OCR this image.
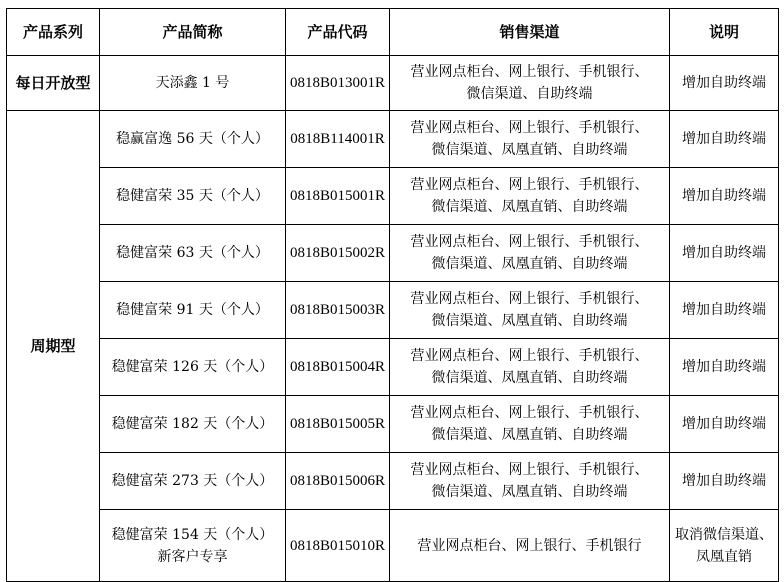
产品系列	产品简称	产品代码	销售渠道	说明
每日开放型	天添鑫 1 号	0818B013001R	营业网点柜台、网上银行、手机银行、
微信渠道、自助终端	增加自助终端

周期型	稳赢富逸 56 天（个人）	0818B114001R	营业网点柜台、网上银行、手机银行、
微信渠道、凤凰直销、自助终端	增加自助终端

	稳健富荣 35 天（个人）	0818B015001R	营业网点柜台、网上银行、手机银行、
微信渠道、凤凰直销、自助终端	增加自助终端

	稳健富荣 63 天（个人）	0818B015002R	营业网点柜台、网上银行、手机银行、
微信渠道、凤凰直销、自助终端	增加自助终端

	稳健富荣 91 天（个人）	0818B015003R	营业网点柜台、网上银行、手机银行、
微信渠道、凤凰直销、自助终端	增加自助终端

	稳健富荣 126 天（个人）	0818B015004R	营业网点柜台、网上银行、手机银行、
微信渠道、凤凰直销、自助终端	增加自助终端

	稳健富荣 182 天（个人）	0818B015005R	营业网点柜台、网上银行、手机银行、
微信渠道、凤凰直销、自助终端	增加自助终端

	稳健富荣 273 天（个人）	0818B015006R	营业网点柜台、网上银行、手机银行、
微信渠道、凤凰直销、自助终端	增加自助终端

	稳健富荣 154 天（个人）
新客户专享	0818B015010R	营业网点柜台、网上银行、手机银行	取消微信渠道、
凤凰直销
